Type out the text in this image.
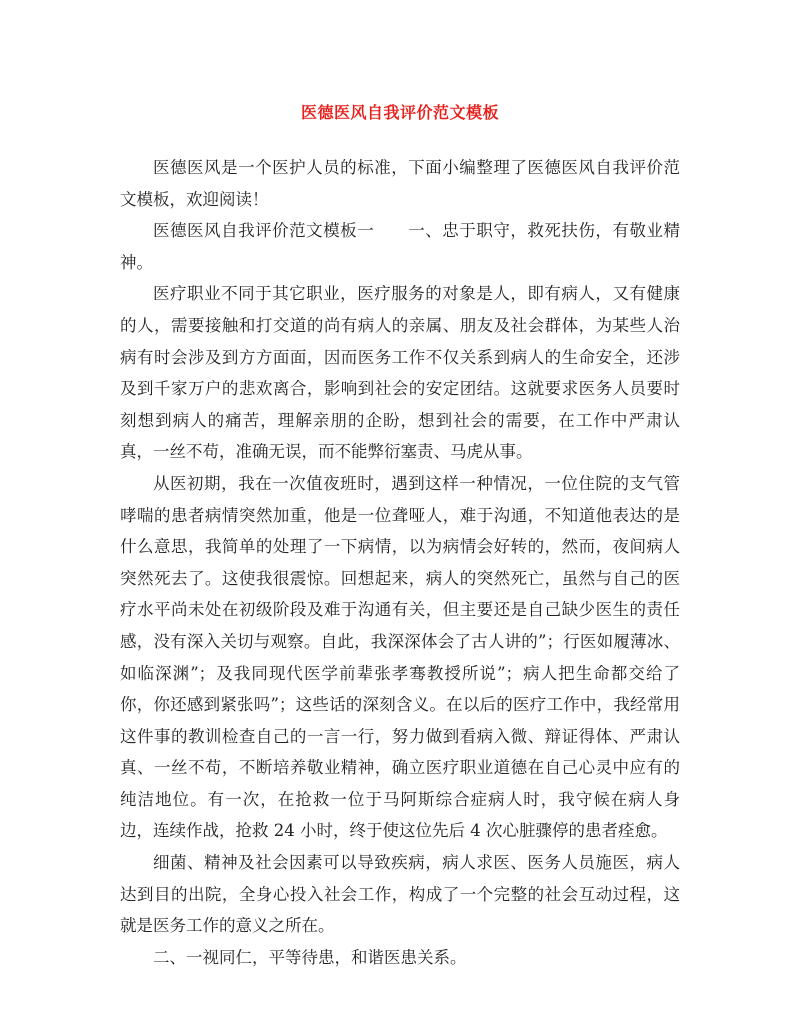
医德医风自我评价范文模板

医德医风是一个医护人员的标准，下面小编整理了医德医风自我评价范文模板，欢迎阅读！

医德医风自我评价范文模板一　　一、忠于职守，救死扶伤，有敬业精神。

医疗职业不同于其它职业，医疗服务的对象是人，即有病人，又有健康的人，需要接触和打交道的尚有病人的亲属、朋友及社会群体，为某些人治病有时会涉及到方方面面，因而医务工作不仅关系到病人的生命安全，还涉及到千家万户的悲欢离合，影响到社会的安定团结。这就要求医务人员要时刻想到病人的痛苦，理解亲朋的企盼，想到社会的需要，在工作中严肃认真，一丝不苟，准确无误，而不能弊衍塞责、马虎从事。

从医初期，我在一次值夜班时，遇到这样一种情况，一位住院的支气管哮喘的患者病情突然加重，他是一位聋哑人，难于沟通，不知道他表达的是什么意思，我简单的处理了一下病情，以为病情会好转的，然而，夜间病人突然死去了。这使我很震惊。回想起来，病人的突然死亡，虽然与自己的医疗水平尚未处在初级阶段及难于沟通有关，但主要还是自己缺少医生的责任感，没有深入关切与观察。自此，我深深体会了古人讲的”；行医如履薄冰、如临深渊”；及我同现代医学前辈张孝骞教授所说”；病人把生命都交给了你，你还感到紧张吗”；这些话的深刻含义。在以后的医疗工作中，我经常用这件事的教训检查自己的一言一行，努力做到看病入微、辩证得体、严肃认真、一丝不苟，不断培养敬业精神，确立医疗职业道德在自己心灵中应有的纯洁地位。有一次，在抢救一位于马阿斯综合症病人时，我守候在病人身边，连续作战，抢救 24 小时，终于使这位先后 4 次心脏骤停的患者痊愈。

细菌、精神及社会因素可以导致疾病，病人求医、医务人员施医，病人达到目的出院，全身心投入社会工作，构成了一个完整的社会互动过程，这就是医务工作的意义之所在。

二、一视同仁，平等待患，和谐医患关系。
